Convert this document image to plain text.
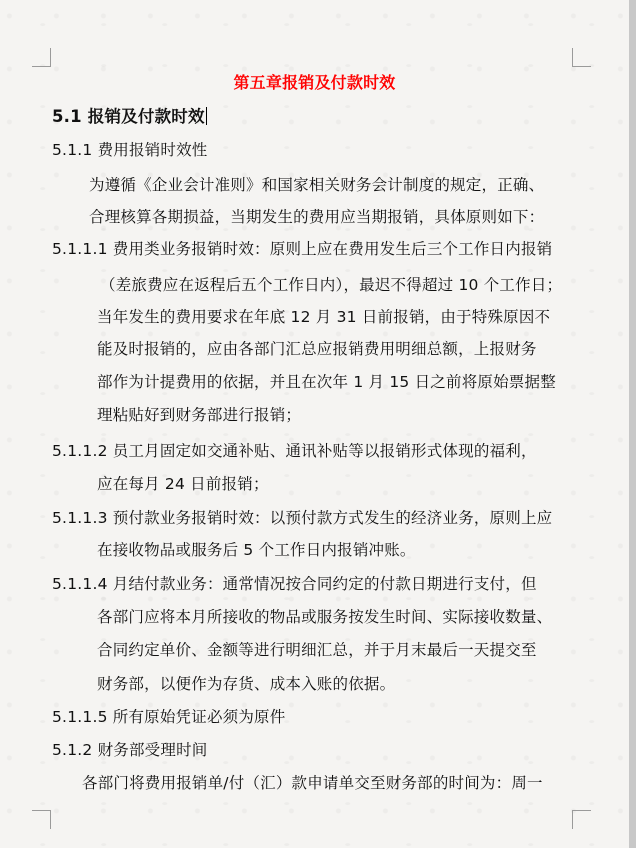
第五章报销及付款时效
5.1 报销及付款时效
5.1.1 费用报销时效性
为遵循《企业会计准则》和国家相关财务会计制度的规定，正确、
合理核算各期损益，当期发生的费用应当期报销，具体原则如下：
5.1.1.1 费用类业务报销时效：原则上应在费用发生后三个工作日内报销
（差旅费应在返程后五个工作日内），最迟不得超过 10 个工作日；
当年发生的费用要求在年底 12 月 31 日前报销，由于特殊原因不
能及时报销的，应由各部门汇总应报销费用明细总额，上报财务
部作为计提费用的依据，并且在次年 1 月 15 日之前将原始票据整
理粘贴好到财务部进行报销；
5.1.1.2 员工月固定如交通补贴、通讯补贴等以报销形式体现的福利，
应在每月 24 日前报销；
5.1.1.3 预付款业务报销时效：以预付款方式发生的经济业务，原则上应
在接收物品或服务后 5 个工作日内报销冲账。
5.1.1.4 月结付款业务：通常情况按合同约定的付款日期进行支付，但
各部门应将本月所接收的物品或服务按发生时间、实际接收数量、
合同约定单价、金额等进行明细汇总，并于月末最后一天提交至
财务部，以便作为存货、成本入账的依据。
5.1.1.5 所有原始凭证必须为原件
5.1.2 财务部受理时间
各部门将费用报销单/付（汇）款申请单交至财务部的时间为：周一
